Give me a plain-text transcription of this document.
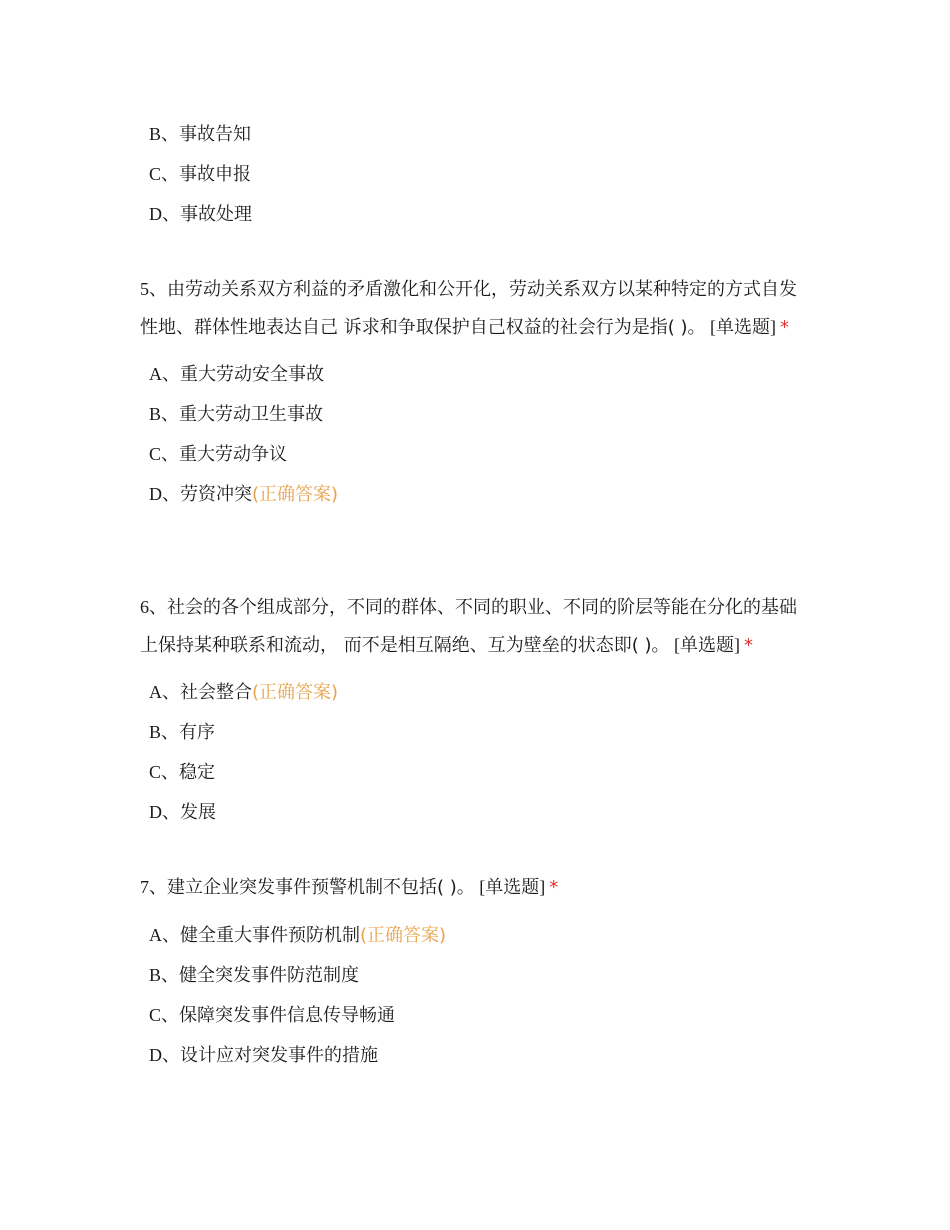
B、事故告知
C、事故申报
D、事故处理
5、由劳动关系双方利益的矛盾激化和公开化，劳动关系双方以某种特定的方式自发性地、群体性地表达自己 诉求和争取保护自己权益的社会行为是指( )。 [单选题] *
A、重大劳动安全事故
B、重大劳动卫生事故
C、重大劳动争议
D、劳资冲突(正确答案)
6、社会的各个组成部分，不同的群体、不同的职业、不同的阶层等能在分化的基础上保持某种联系和流动， 而不是相互隔绝、互为壁垒的状态即( )。 [单选题] *
A、社会整合(正确答案)
B、有序
C、稳定
D、发展
7、建立企业突发事件预警机制不包括( )。 [单选题] *
A、健全重大事件预防机制(正确答案)
B、健全突发事件防范制度
C、保障突发事件信息传导畅通
D、设计应对突发事件的措施
